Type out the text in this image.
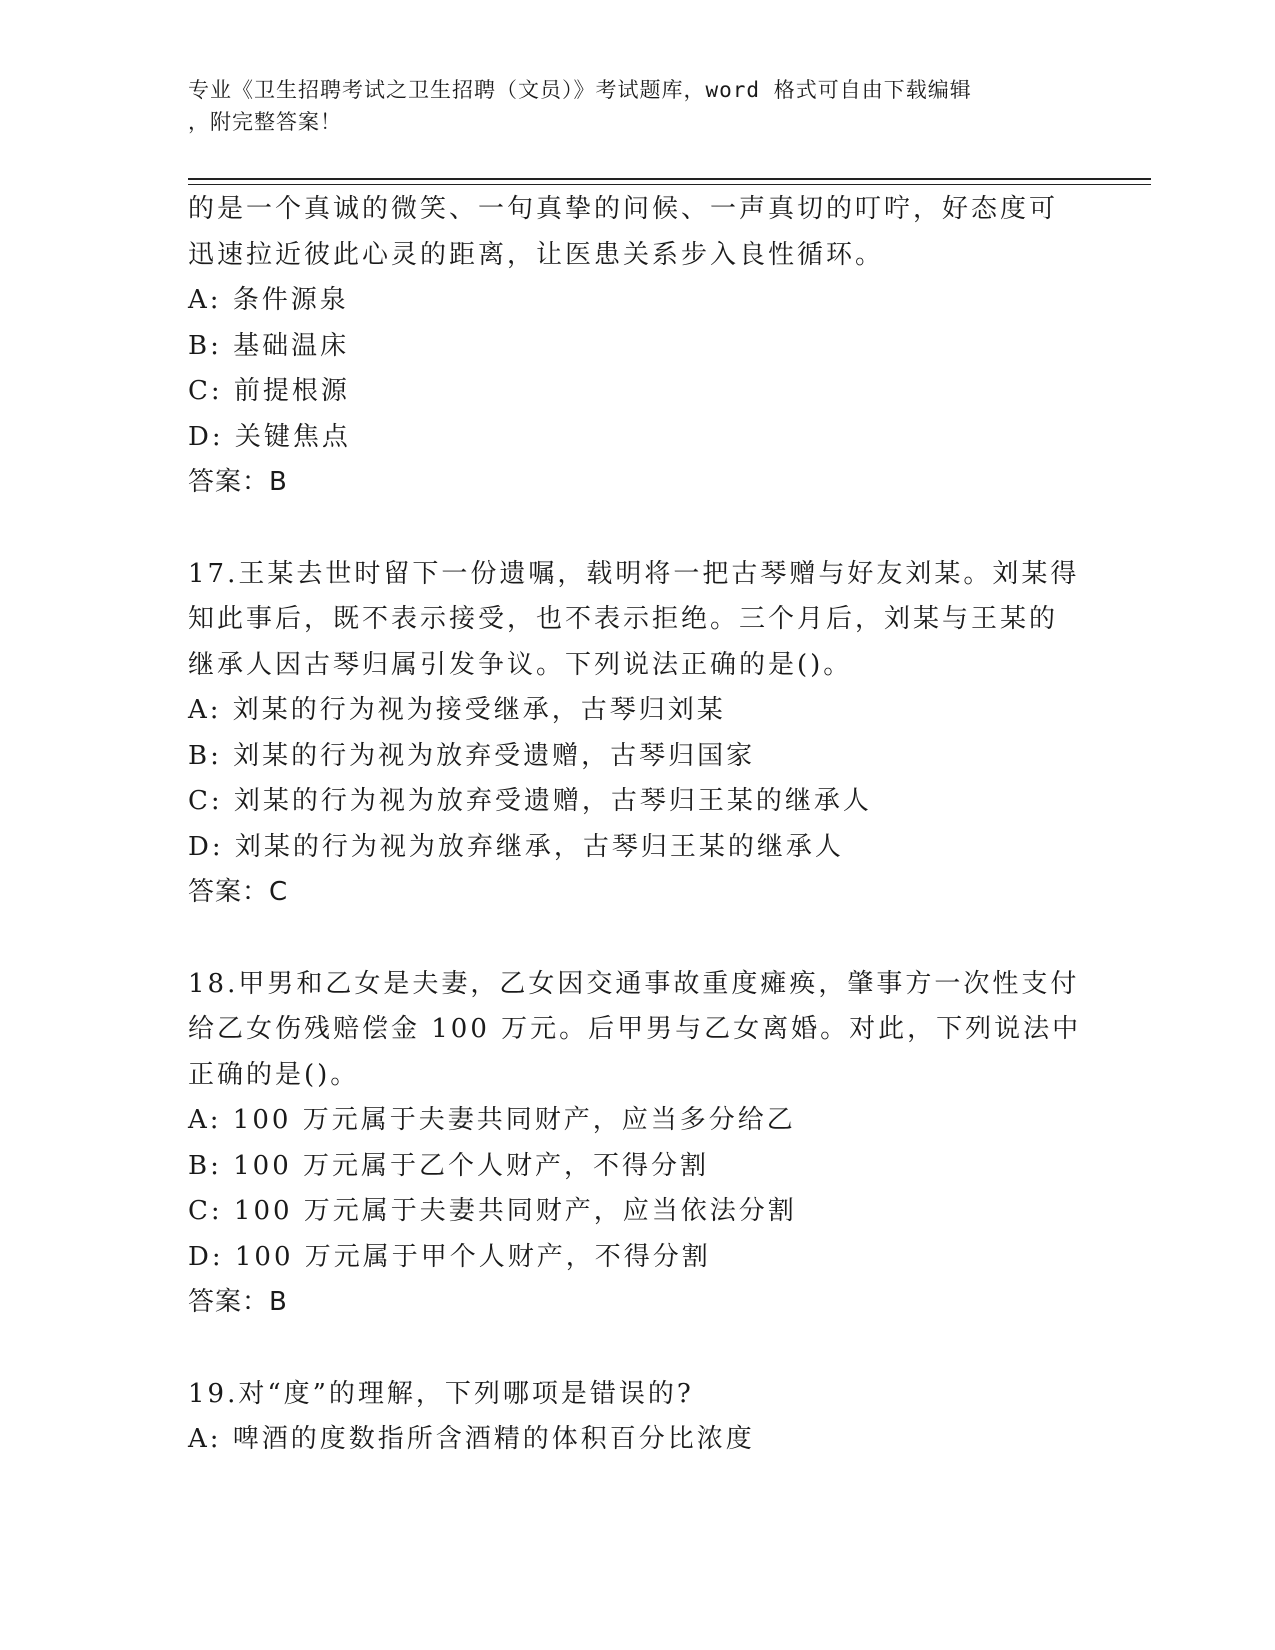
专业《卫生招聘考试之卫生招聘（文员）》考试题库，word 格式可自由下载编辑
，附完整答案！
的是一个真诚的微笑、一句真挚的问候、一声真切的叮咛，好态度可
迅速拉近彼此心灵的距离，让医患关系步入良性循环。
A: 条件源泉
B: 基础温床
C: 前提根源
D: 关键焦点
答案：B
17.王某去世时留下一份遗嘱，载明将一把古琴赠与好友刘某。刘某得
知此事后，既不表示接受，也不表示拒绝。三个月后，刘某与王某的
继承人因古琴归属引发争议。下列说法正确的是()。
A: 刘某的行为视为接受继承，古琴归刘某
B: 刘某的行为视为放弃受遗赠，古琴归国家
C: 刘某的行为视为放弃受遗赠，古琴归王某的继承人
D: 刘某的行为视为放弃继承，古琴归王某的继承人
答案：C
18.甲男和乙女是夫妻，乙女因交通事故重度瘫痪，肇事方一次性支付
给乙女伤残赔偿金 100 万元。后甲男与乙女离婚。对此，下列说法中
正确的是()。
A: 100 万元属于夫妻共同财产，应当多分给乙
B: 100 万元属于乙个人财产，不得分割
C: 100 万元属于夫妻共同财产，应当依法分割
D: 100 万元属于甲个人财产，不得分割
答案：B
19.对“度”的理解，下列哪项是错误的?
A: 啤酒的度数指所含酒精的体积百分比浓度
